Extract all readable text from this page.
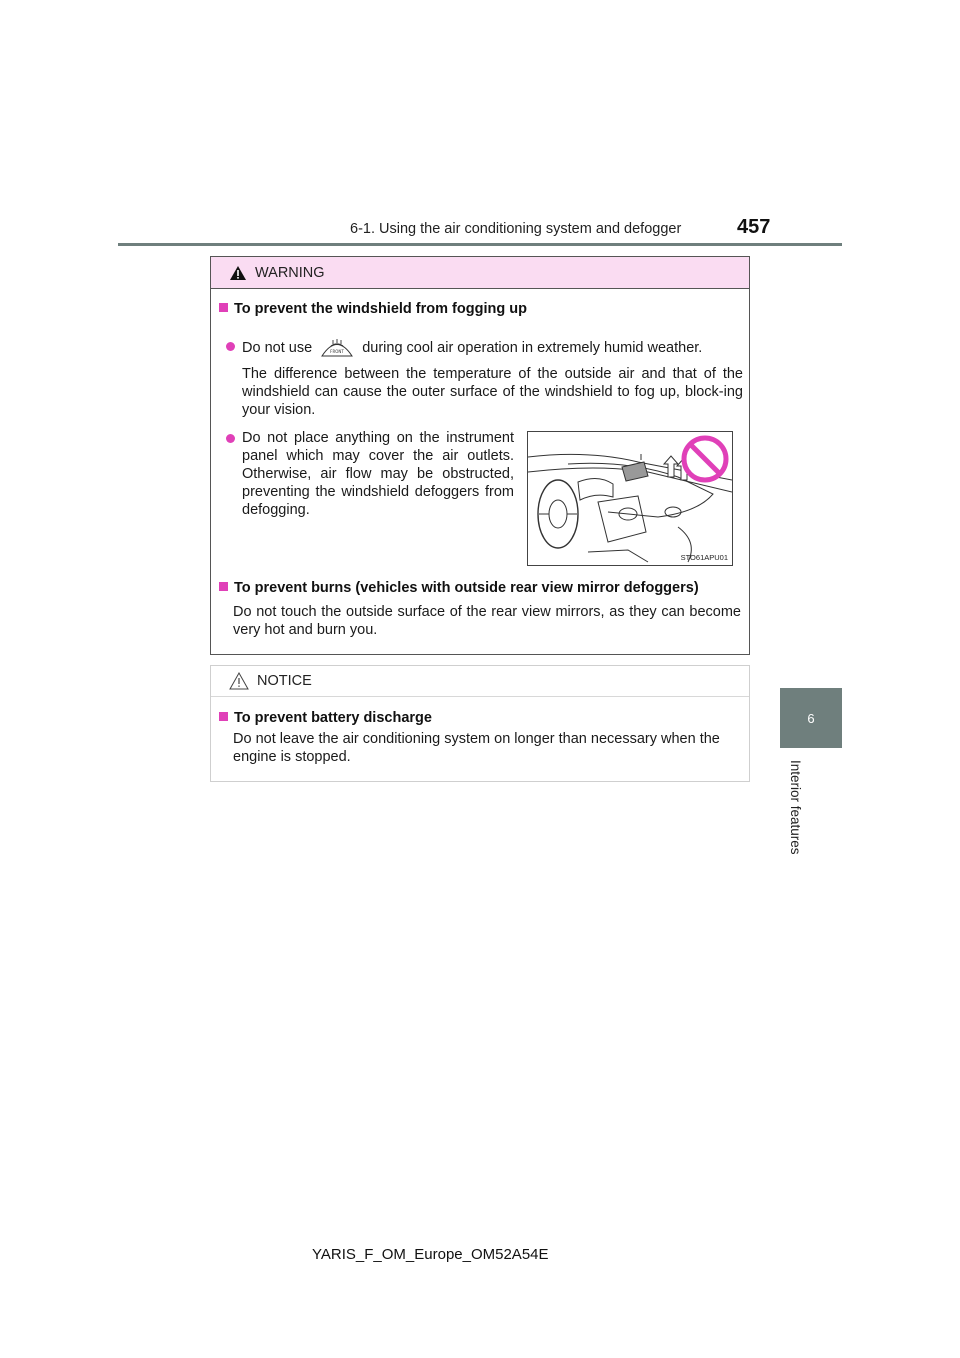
6-1. Using the air conditioning system and defogger	457
6
Interior features
WARNING
To prevent the windshield from fogging up
Do not use	FRONT during cool air operation in extremely humid weather.
The difference between the temperature of the outside air and that of the windshield can cause the outer surface of the windshield to fog up, block-ing your vision.
Do not place anything on the instrument panel which may cover the air outlets. Otherwise, air flow may be obstructed, preventing the windshield defoggers from defogging.
STO61APU01
To prevent burns (vehicles with outside rear view mirror defoggers)
Do not touch the outside surface of the rear view mirrors, as they can become very hot and burn you.
NOTICE
To prevent battery discharge
Do not leave the air conditioning system on longer than necessary when the engine is stopped.
YARIS_F_OM_Europe_OM52A54E
